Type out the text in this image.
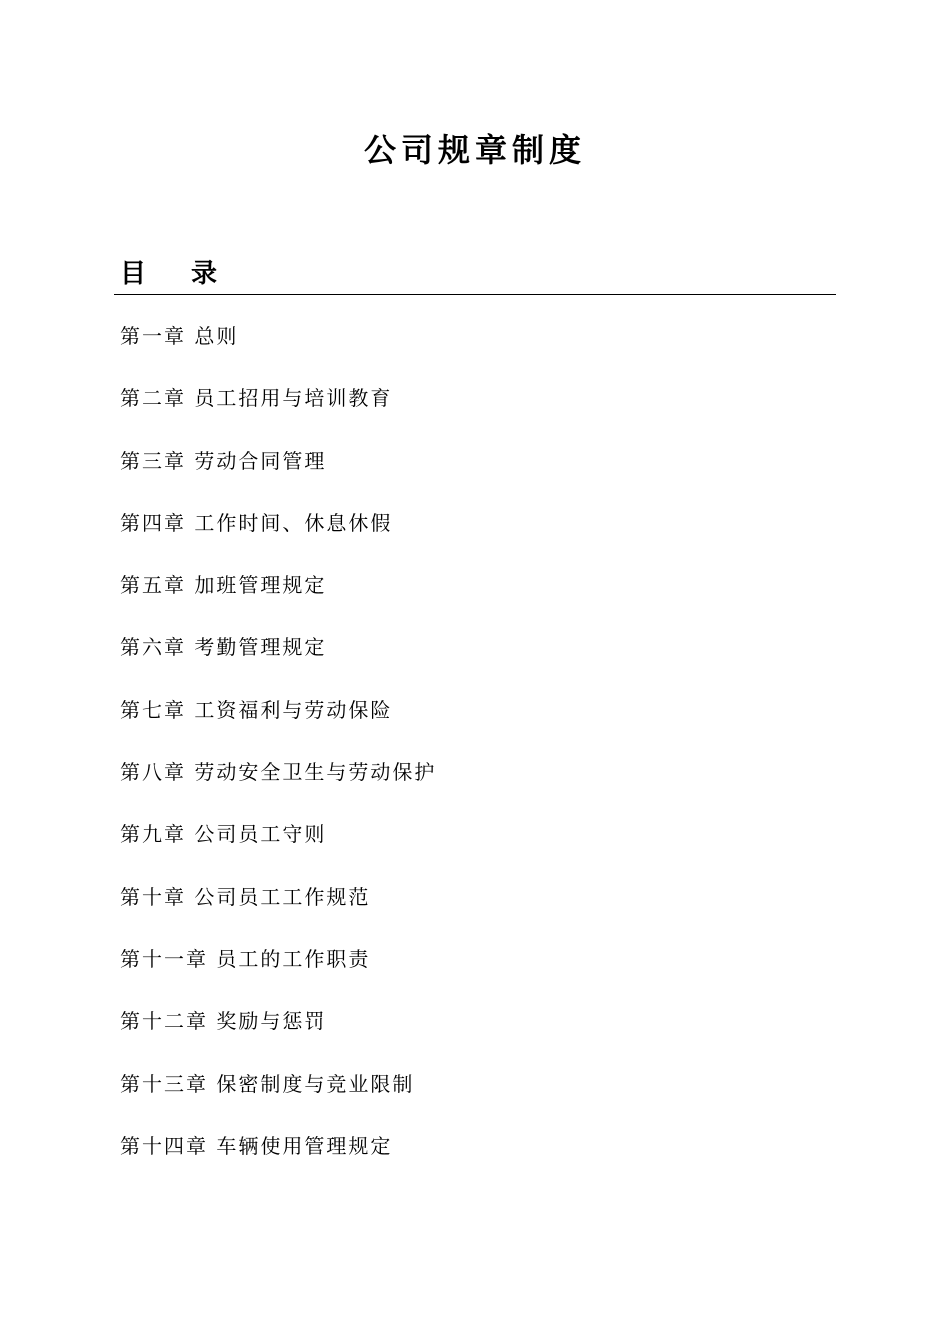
公司规章制度
目 录
第一章 总则
第二章 员工招用与培训教育
第三章 劳动合同管理
第四章 工作时间、休息休假
第五章 加班管理规定
第六章 考勤管理规定
第七章 工资福利与劳动保险
第八章 劳动安全卫生与劳动保护
第九章 公司员工守则
第十章 公司员工工作规范
第十一章 员工的工作职责
第十二章 奖励与惩罚
第十三章 保密制度与竞业限制
第十四章 车辆使用管理规定
